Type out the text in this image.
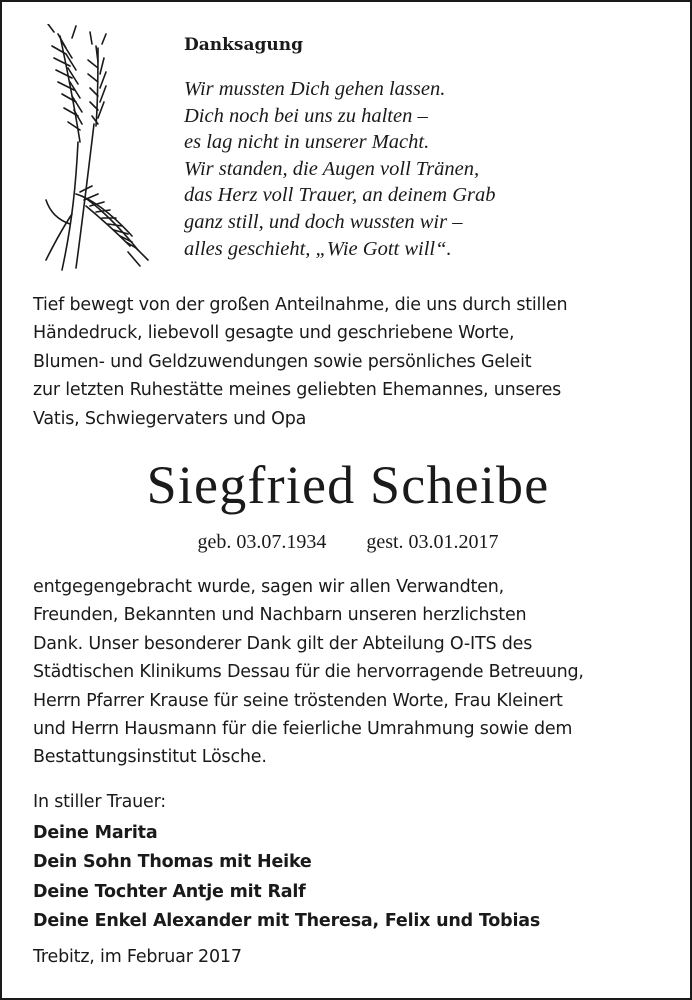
Danksagung
Wir mussten Dich gehen lassen.
Dich noch bei uns zu halten –
es lag nicht in unserer Macht.
Wir standen, die Augen voll Tränen,
das Herz voll Trauer, an deinem Grab
ganz still, und doch wussten wir –
alles geschieht, „Wie Gott will“.
Tief bewegt von der großen Anteilnahme, die uns durch stillen
Händedruck, liebevoll gesagte und geschriebene Worte,
Blumen- und Geldzuwendungen sowie persönliches Geleit
zur letzten Ruhestätte meines geliebten Ehemannes, unseres
Vatis, Schwiegervaters und Opa
Siegfried Scheibe
geb. 03.07.1934 gest. 03.01.2017
entgegengebracht wurde, sagen wir allen Verwandten,
Freunden, Bekannten und Nachbarn unseren herzlichsten
Dank. Unser besonderer Dank gilt der Abteilung O-ITS des
Städtischen Klinikums Dessau für die hervorragende Betreuung,
Herrn Pfarrer Krause für seine tröstenden Worte, Frau Kleinert
und Herrn Hausmann für die feierliche Umrahmung sowie dem
Bestattungsinstitut Lösche.
In stiller Trauer:
Deine Marita
Dein Sohn Thomas mit Heike
Deine Tochter Antje mit Ralf
Deine Enkel Alexander mit Theresa, Felix und Tobias
Trebitz, im Februar 2017
